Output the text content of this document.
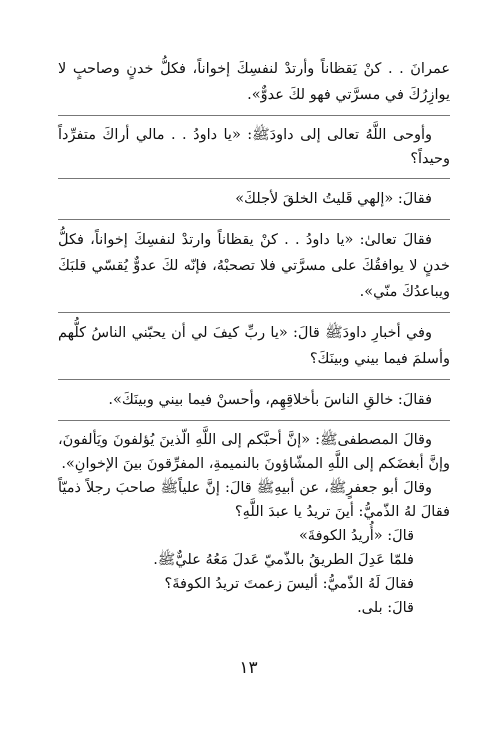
عمرانَ . . كنْ يَقظاناً وأرتدْ لنفسِكَ إخواناً، فكلُّ خدنٍ وصاحبٍ لا يوازِرُكَ في مسرَّتي فهو لكَ عدوٌّ».

وأوحى اللَّهُ تعالى إلى داودَﷺ: «يا داودُ . . مالي أراكَ متفرِّداً وحيداً؟

فقالَ: «إلهي قَليتُ الخلقَ لأجلكَ»

فقالَ تعالىٰ: «يا داودُ . . كنْ يقظاناً وارتدْ لنفسِكَ إخواناً، فكلُّ خدنٍ لا يوافقُكَ على مسرَّتي فلا تصحبْهُ، فإنّه لكَ عدوٌّ يُقسّي قلبَكَ ويباعدُكَ منّي».

وفي أخبارِ داودَﷺ قالَ: «يا ربِّ كيفَ لي أن يحبّني الناسُ كلُّهم وأسلمَ فيما بيني وبينَكَ؟

فقالَ: خالقِ الناسَ بأخلاقِهِم، وأحسنْ فيما بيني وبينَكَ».

وقالَ المصطفىﷺ: «إنَّ أحبَّكم إلى اللَّهِ الّذينَ يُؤلفونَ ويَألفونَ، وإنَّ أبغضَكم إلى اللَّهِ المشّاؤونَ بالنميمةِ، المفرِّقونَ بينَ الإخوانِ».

وقالَ أبو جعفرٍﷺ، عن أبيهِﷺ قالَ: إنَّ علياًﷺ صاحبَ رجلاً ذميّاً فقالَ لهُ الذّميُّ: أينَ تريدُ يا عبدَ اللَّهِ؟

قالَ: «أُريدُ الكوفةَ»

فلمّا عَدِلَ الطريقُ بالذّميّ عَدلَ مَعُهُ عليٌّﷺ.

فقالَ لَهُ الذّميُّ: أليسَ زعمتَ تريدُ الكوفةَ؟

قالَ: بلى.

١٣
